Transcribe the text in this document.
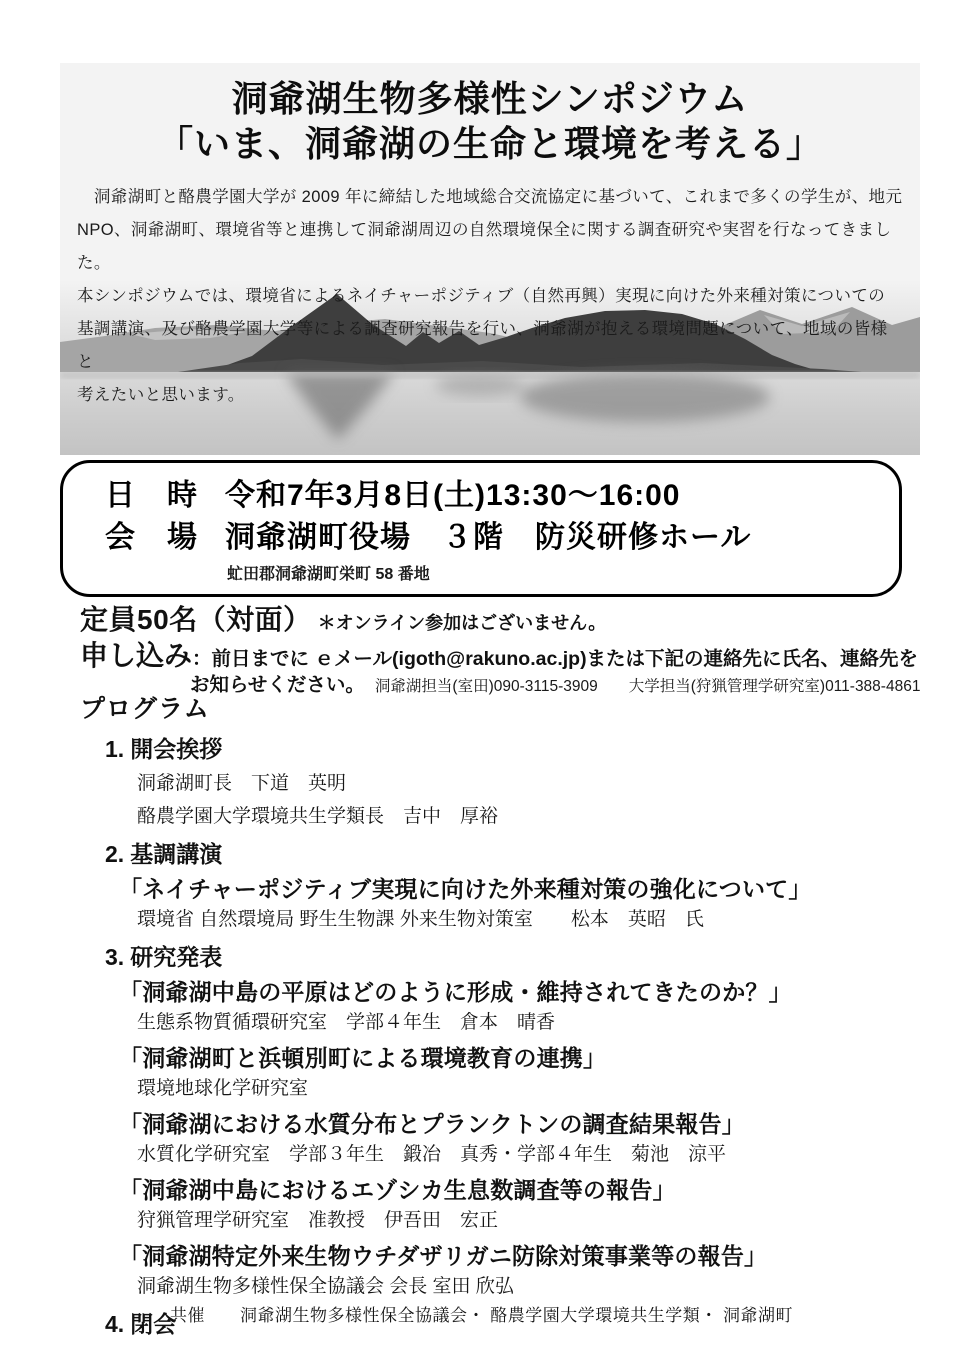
洞爺湖生物多様性シンポジウム
「いま、洞爺湖の生命と環境を考える」
　洞爺湖町と酪農学園大学が 2009 年に締結した地域総合交流協定に基づいて、これまで多くの学生が、地元
NPO、洞爺湖町、環境省等と連携して洞爺湖周辺の自然環境保全に関する調査研究や実習を行なってきました。
本シンポジウムでは、環境省によるネイチャーポジティブ（自然再興）実現に向けた外来種対策についての
基調講演、及び酪農学園大学等による調査研究報告を行い、洞爺湖が抱える環境問題について、地域の皆様と
考えたいと思います。
日　時 令和7年3月8日(土)13:30～16:00
会　場 洞爺湖町役場　３階　防災研修ホール
虻田郡洞爺湖町栄町 58 番地
定員50名（対面） ＊オンライン参加はございません。
申し込み ：前日までに ｅメール(igoth@rakuno.ac.jp)または下記の連絡先に氏名、連絡先を
お知らせください。 洞爺湖担当(室田)090-3115-3909　　大学担当(狩猟管理学研究室)011-388-4861
プログラム
1. 開会挨拶
洞爺湖町長　下道　英明
酪農学園大学環境共生学類長　吉中　厚裕
2. 基調講演
「ネイチャーポジティブ実現に向けた外来種対策の強化について」
環境省 自然環境局 野生生物課 外来生物対策室　　松本　英昭　氏
3. 研究発表
「洞爺湖中島の平原はどのように形成・維持されてきたのか？」
生態系物質循環研究室　学部４年生　倉本　晴香
「洞爺湖町と浜頓別町による環境教育の連携」
環境地球化学研究室
「洞爺湖における水質分布とプランクトンの調査結果報告」
水質化学研究室　学部３年生　鍛冶　真秀・学部４年生　菊池　涼平
「洞爺湖中島におけるエゾシカ生息数調査等の報告」
狩猟管理学研究室　准教授　伊吾田　宏正
「洞爺湖特定外来生物ウチダザリガニ防除対策事業等の報告」
洞爺湖生物多様性保全協議会 会長 室田 欣弘
4. 閉会
共催　　洞爺湖生物多様性保全協議会・ 酪農学園大学環境共生学類・ 洞爺湖町
